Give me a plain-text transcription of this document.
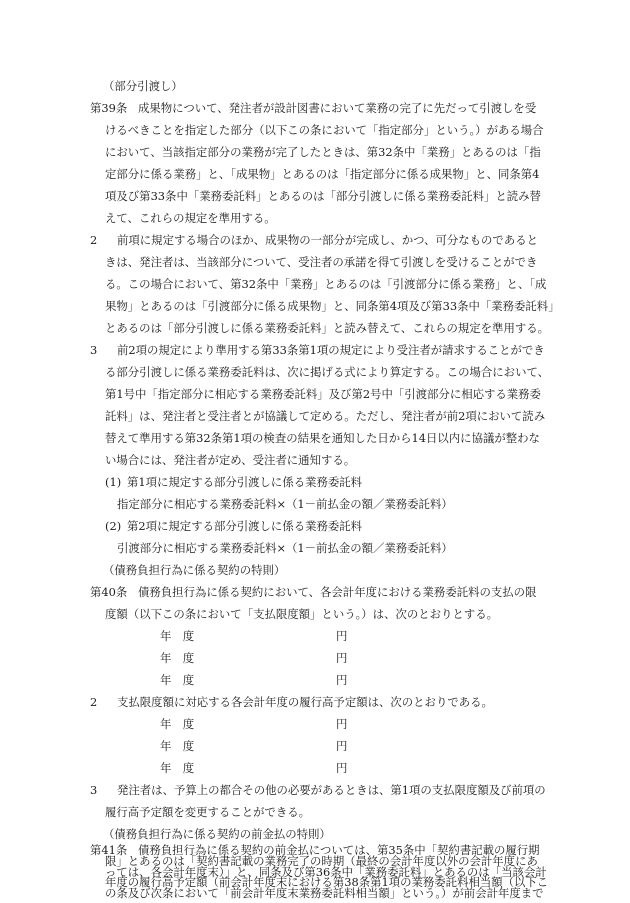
（部分引渡し）
第39条 成果物について、発注者が設計図書において業務の完了に先だって引渡しを受
けるべきことを指定した部分（以下この条において「指定部分」という。）がある場合
において、当該指定部分の業務が完了したときは、第32条中「業務」とあるのは「指
定部分に係る業務」と、「成果物」とあるのは「指定部分に係る成果物」と、同条第4
項及び第33条中「業務委託料」とあるのは「部分引渡しに係る業務委託料」と読み替
えて、これらの規定を準用する。
2 前項に規定する場合のほか、成果物の一部分が完成し、かつ、可分なものであると
きは、発注者は、当該部分について、受注者の承諾を得て引渡しを受けることができ
る。この場合において、第32条中「業務」とあるのは「引渡部分に係る業務」と、「成
果物」とあるのは「引渡部分に係る成果物」と、同条第4項及び第33条中「業務委託料」
とあるのは「部分引渡しに係る業務委託料」と読み替えて、これらの規定を準用する。
3 前2項の規定により準用する第33条第1項の規定により受注者が請求することができ
る部分引渡しに係る業務委託料は、次に掲げる式により算定する。この場合において、
第1号中「指定部分に相応する業務委託料」及び第2号中「引渡部分に相応する業務委
託料」は、発注者と受注者とが協議して定める。ただし、発注者が前2項において読み
替えて準用する第32条第1項の検査の結果を通知した日から14日以内に協議が整わな
い場合には、発注者が定め、受注者に通知する。
(1) 第1項に規定する部分引渡しに係る業務委託料
指定部分に相応する業務委託料×（1－前払金の額／業務委託料）
(2) 第2項に規定する部分引渡しに係る業務委託料
引渡部分に相応する業務委託料×（1－前払金の額／業務委託料）
（債務負担行為に係る契約の特則）
第40条 債務負担行為に係る契約において、各会計年度における業務委託料の支払の限
度額（以下この条において「支払限度額」という。）は、次のとおりとする。
年　度	円
年　度	円
年　度	円
2 支払限度額に対応する各会計年度の履行高予定額は、次のとおりである。
年　度	円
年　度	円
年　度	円
3 発注者は、予算上の都合その他の必要があるときは、第1項の支払限度額及び前項の
履行高予定額を変更することができる。
（債務負担行為に係る契約の前金払の特則）
第41条 債務負担行為に係る契約の前金払については、第35条中「契約書記載の履行期
限」とあるのは「契約書記載の業務完了の時期（最終の会計年度以外の会計年度にあ
っては、各会計年度末）」と、同条及び第36条中「業務委託料」とあるのは「当該会計
年度の履行高予定額（前会計年度末における第38条第1項の業務委託料相当額（以下こ
の条及び次条において「前会計年度末業務委託料相当額」という。）が前会計年度まで
